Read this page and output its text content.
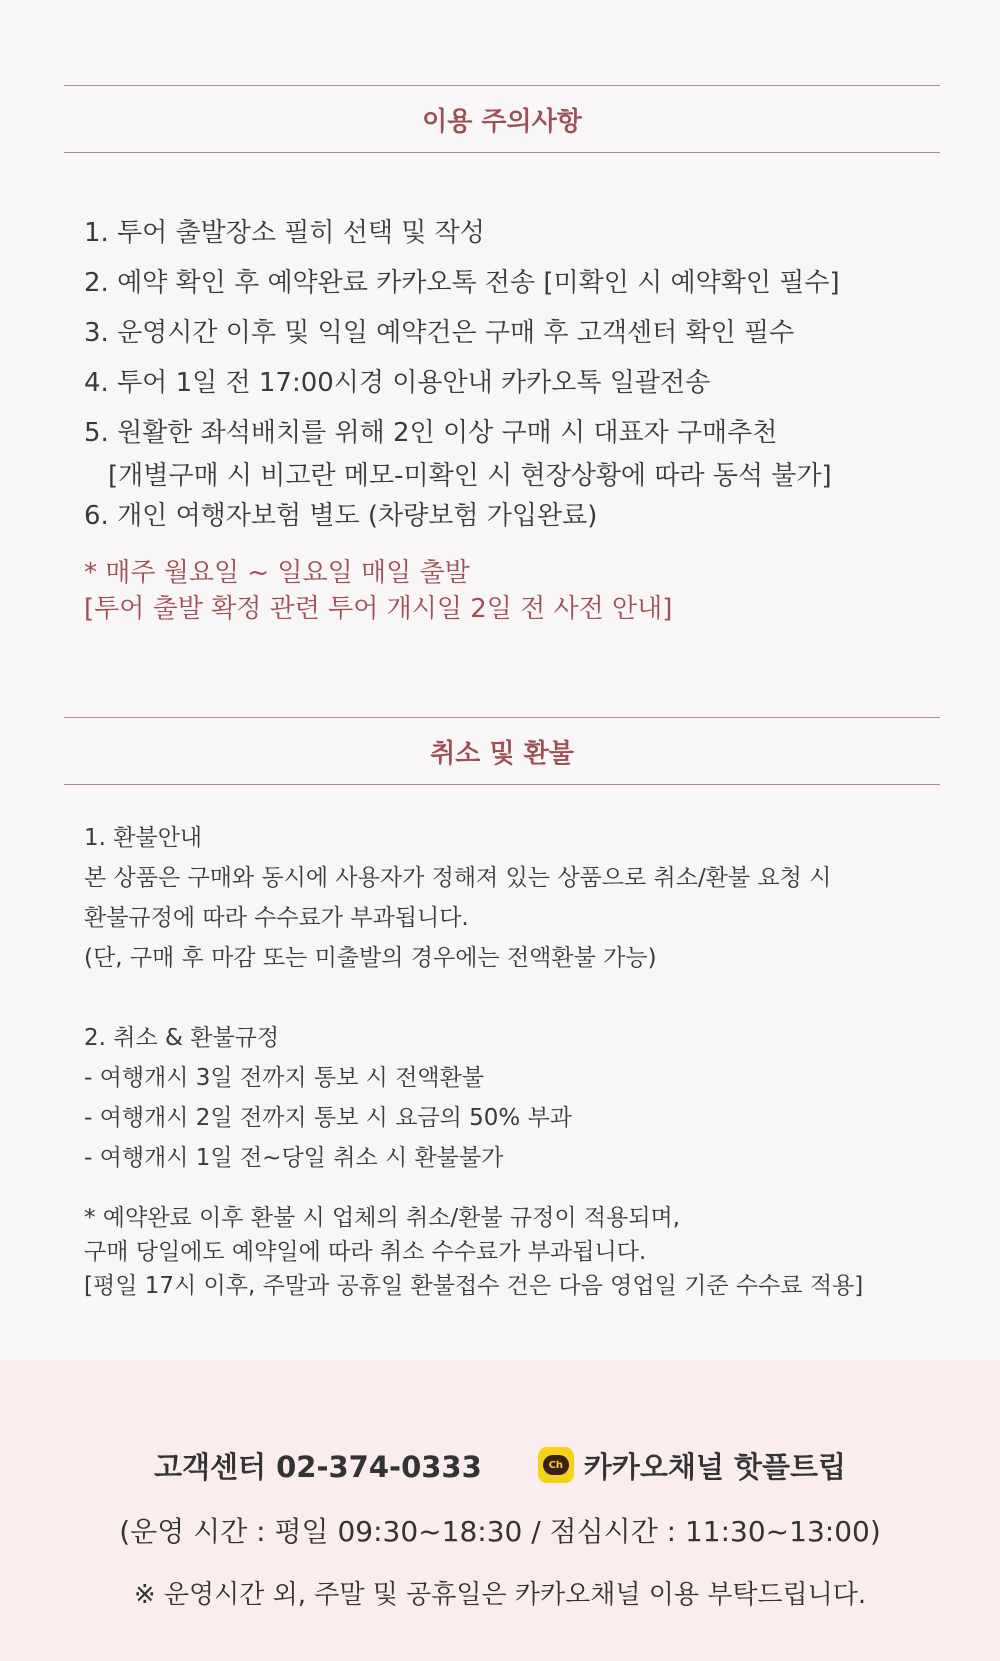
이용 주의사항
1. 투어 출발장소 필히 선택 및 작성
2. 예약 확인 후 예약완료 카카오톡 전송 [미확인 시 예약확인 필수]
3. 운영시간 이후 및 익일 예약건은 구매 후 고객센터 확인 필수
4. 투어 1일 전 17:00시경 이용안내 카카오톡 일괄전송
5. 원활한 좌석배치를 위해 2인 이상 구매 시 대표자 구매추천
[개별구매 시 비고란 메모-미확인 시 현장상황에 따라 동석 불가]
6. 개인 여행자보험 별도 (차량보험 가입완료)
* 매주 월요일 ~ 일요일 매일 출발
[투어 출발 확정 관련 투어 개시일 2일 전 사전 안내]
취소 및 환불
1. 환불안내
본 상품은 구매와 동시에 사용자가 정해져 있는 상품으로 취소/환불 요청 시
환불규정에 따라 수수료가 부과됩니다.
(단, 구매 후 마감 또는 미출발의 경우에는 전액환불 가능)
2. 취소 & 환불규정
- 여행개시 3일 전까지 통보 시 전액환불
- 여행개시 2일 전까지 통보 시 요금의 50% 부과
- 여행개시 1일 전~당일 취소 시 환불불가
* 예약완료 이후 환불 시 업체의 취소/환불 규정이 적용되며,
구매 당일에도 예약일에 따라 취소 수수료가 부과됩니다.
[평일 17시 이후, 주말과 공휴일 환불접수 건은 다음 영업일 기준 수수료 적용]
고객센터 02-374-0333	Ch 카카오채널 핫플트립
(운영 시간 : 평일 09:30~18:30 / 점심시간 : 11:30~13:00)
※ 운영시간 외, 주말 및 공휴일은 카카오채널 이용 부탁드립니다.
